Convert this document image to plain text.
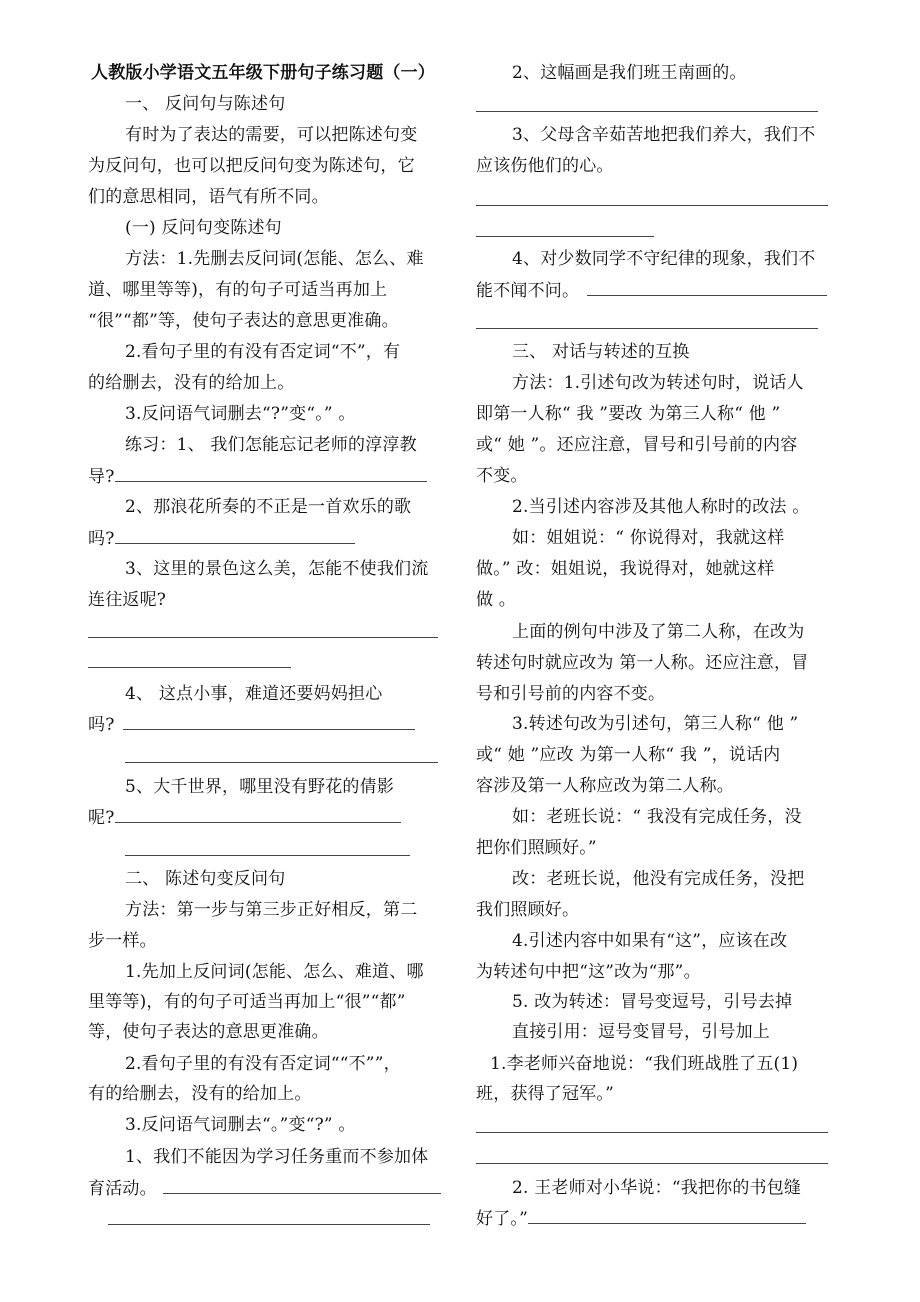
人教版小学语文五年级下册句子练习题（一）
一、 反问句与陈述句
有时为了表达的需要，可以把陈述句变
为反问句，也可以把反问句变为陈述句，它
们的意思相同，语气有所不同。
(一) 反问句变陈述句
方法：1.先删去反问词(怎能、怎么、难
道、哪里等等)，有的句子可适当再加上
“很”“都”等，使句子表达的意思更准确。
2.看句子里的有没有否定词“不”，有
的给删去，没有的给加上。
3.反问语气词删去“?”变“。” 。
练习：1、 我们怎能忘记老师的淳淳教
导?
2、那浪花所奏的不正是一首欢乐的歌
吗?
3、这里的景色这么美，怎能不使我们流
连往返呢?
4、 这点小事，难道还要妈妈担心
吗?
5、大千世界，哪里没有野花的倩影
呢?
二、 陈述句变反问句
方法：第一步与第三步正好相反，第二
步一样。
1.先加上反问词(怎能、怎么、难道、哪
里等等)，有的句子可适当再加上“很”“都”
等，使句子表达的意思更准确。
2.看句子里的有没有否定词““不””，
有的给删去，没有的给加上。
3.反问语气词删去“。”变“?” 。
1、我们不能因为学习任务重而不参加体
育活动。
2、这幅画是我们班王南画的。
3、父母含辛茹苦地把我们养大，我们不
应该伤他们的心。
4、对少数同学不守纪律的现象，我们不
能不闻不问。
三、 对话与转述的互换
方法：1.引述句改为转述句时，说话人
即第一人称“ 我 ”要改 为第三人称“ 他 ”
或“ 她 ”。还应注意，冒号和引号前的内容
不变。
2.当引述内容涉及其他人称时的改法 。
如：姐姐说：“ 你说得对，我就这样
做。” 改：姐姐说，我说得对，她就这样
做 。
上面的例句中涉及了第二人称，在改为
转述句时就应改为 第一人称。还应注意，冒
号和引号前的内容不变。
3.转述句改为引述句，第三人称“ 他 ”
或“ 她 ”应改 为第一人称“ 我 ”，说话内
容涉及第一人称应改为第二人称。
如：老班长说：“ 我没有完成任务，没
把你们照顾好。”
改：老班长说，他没有完成任务，没把
我们照顾好。
4.引述内容中如果有“这”，应该在改
为转述句中把“这”改为“那”。
5. 改为转述：冒号变逗号，引号去掉
直接引用：逗号变冒号，引号加上
1.李老师兴奋地说：“我们班战胜了五(1)
班，获得了冠军。”
2. 王老师对小华说：“我把你的书包缝
好了。”
